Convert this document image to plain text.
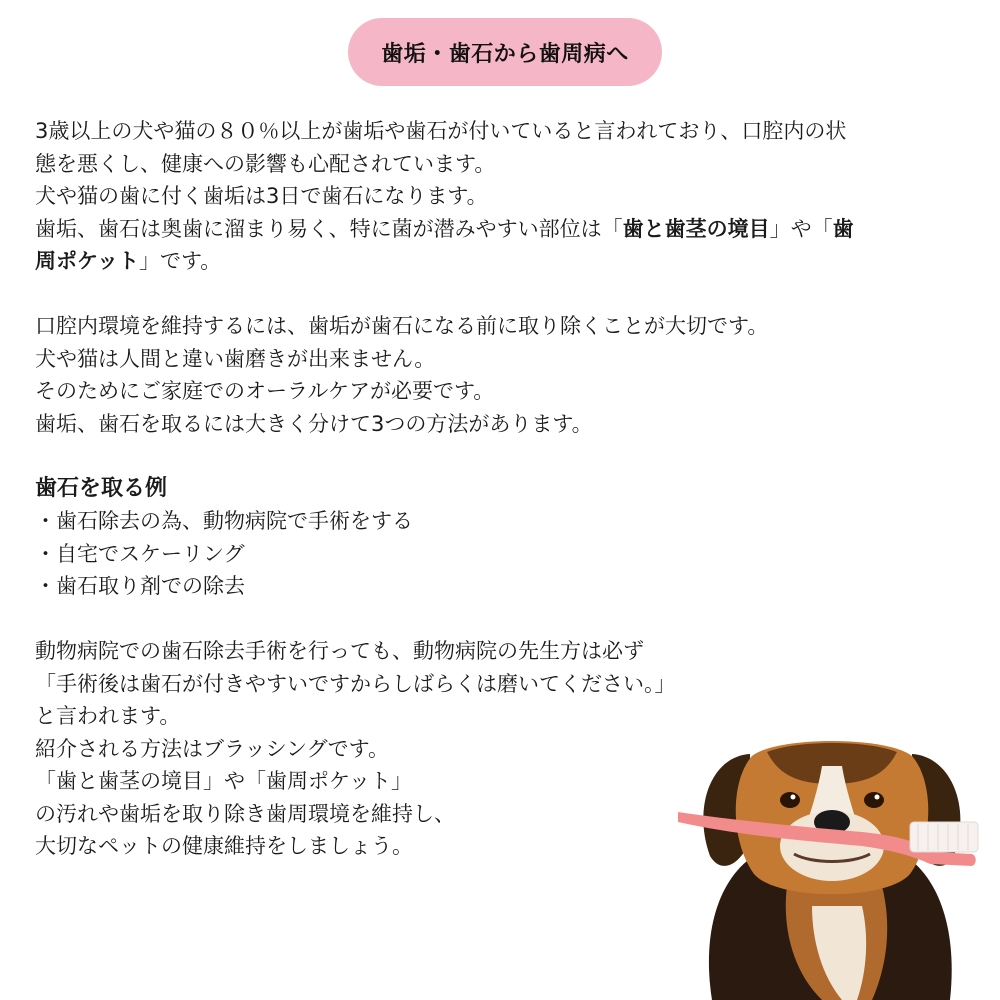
歯垢・歯石から歯周病へ

3歳以上の犬や猫の８０％以上が歯垢や歯石が付いていると言われており、口腔内の状

態を悪くし、健康への影響も心配されています。

犬や猫の歯に付く歯垢は3日で歯石になります。

歯垢、歯石は奥歯に溜まり易く、特に菌が潜みやすい部位は「歯と歯茎の境目」や「歯

周ポケット」です。

口腔内環境を維持するには、歯垢が歯石になる前に取り除くことが大切です。

犬や猫は人間と違い歯磨きが出来ません。

そのためにご家庭でのオーラルケアが必要です。

歯垢、歯石を取るには大きく分けて3つの方法があります。

歯石を取る例

・歯石除去の為、動物病院で手術をする

・自宅でスケーリング

・歯石取り剤での除去

動物病院での歯石除去手術を行っても、動物病院の先生方は必ず

「手術後は歯石が付きやすいですからしばらくは磨いてください。」

と言われます。

紹介される方法はブラッシングです。

「歯と歯茎の境目」や「歯周ポケット」

の汚れや歯垢を取り除き歯周環境を維持し、

大切なペットの健康維持をしましょう。
